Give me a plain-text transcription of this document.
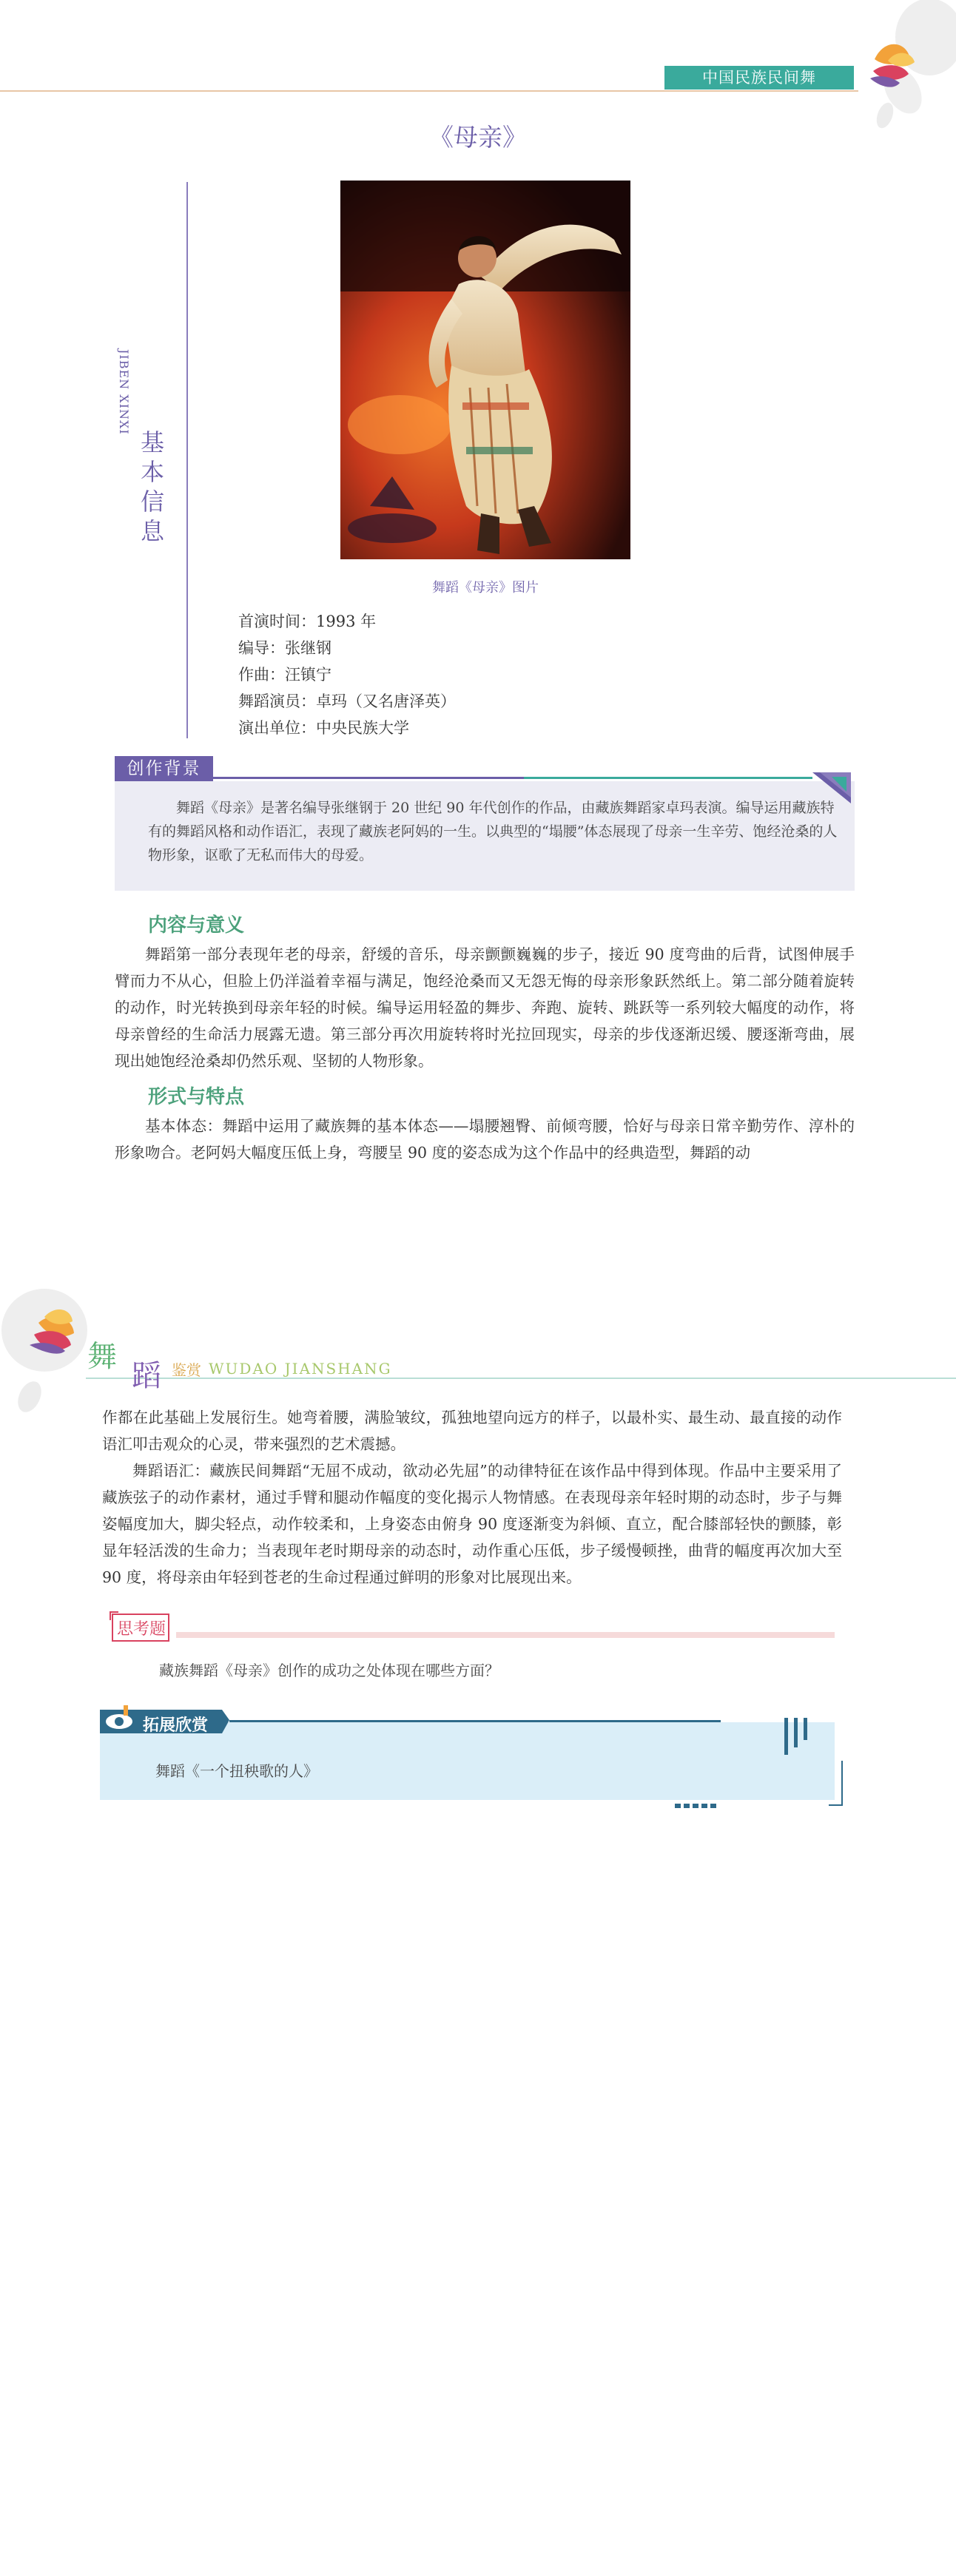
中国民族民间舞
《母亲》
JIBEN XINXI
基
本
信
息
舞蹈《母亲》图片
首演时间：1993 年
编导：张继钢
作曲：汪镇宁
舞蹈演员：卓玛（又名唐泽英）
演出单位：中央民族大学
创作背景
舞蹈《母亲》是著名编导张继钢于 20 世纪 90 年代创作的作品，由藏族舞蹈家卓玛表演。编导运用藏族特有的舞蹈风格和动作语汇，表现了藏族老阿妈的一生。以典型的“塌腰”体态展现了母亲一生辛劳、饱经沧桑的人物形象，讴歌了无私而伟大的母爱。
内容与意义
舞蹈第一部分表现年老的母亲，舒缓的音乐，母亲颤颤巍巍的步子，接近 90 度弯曲的后背，试图伸展手臂而力不从心，但脸上仍洋溢着幸福与满足，饱经沧桑而又无怨无悔的母亲形象跃然纸上。第二部分随着旋转的动作，时光转换到母亲年轻的时候。编导运用轻盈的舞步、奔跑、旋转、跳跃等一系列较大幅度的动作，将母亲曾经的生命活力展露无遗。第三部分再次用旋转将时光拉回现实，母亲的步伐逐渐迟缓、腰逐渐弯曲，展现出她饱经沧桑却仍然乐观、坚韧的人物形象。
形式与特点
基本体态：舞蹈中运用了藏族舞的基本体态——塌腰翘臀、前倾弯腰，恰好与母亲日常辛勤劳作、淳朴的形象吻合。老阿妈大幅度压低上身，弯腰呈 90 度的姿态成为这个作品中的经典造型，舞蹈的动
舞
蹈 鉴赏 WUDAO JIANSHANG
作都在此基础上发展衍生。她弯着腰，满脸皱纹，孤独地望向远方的样子，以最朴实、最生动、最直接的动作语汇叩击观众的心灵，带来强烈的艺术震撼。
舞蹈语汇：藏族民间舞蹈“无屈不成动，欲动必先屈”的动律特征在该作品中得到体现。作品中主要采用了藏族弦子的动作素材，通过手臂和腿动作幅度的变化揭示人物情感。在表现母亲年轻时期的动态时，步子与舞姿幅度加大，脚尖轻点，动作较柔和，上身姿态由俯身 90 度逐渐变为斜倾、直立，配合膝部轻快的颤膝，彰显年轻活泼的生命力；当表现年老时期母亲的动态时，动作重心压低，步子缓慢顿挫，曲背的幅度再次加大至 90 度，将母亲由年轻到苍老的生命过程通过鲜明的形象对比展现出来。
思考题
藏族舞蹈《母亲》创作的成功之处体现在哪些方面？
拓展欣赏
舞蹈《一个扭秧歌的人》
